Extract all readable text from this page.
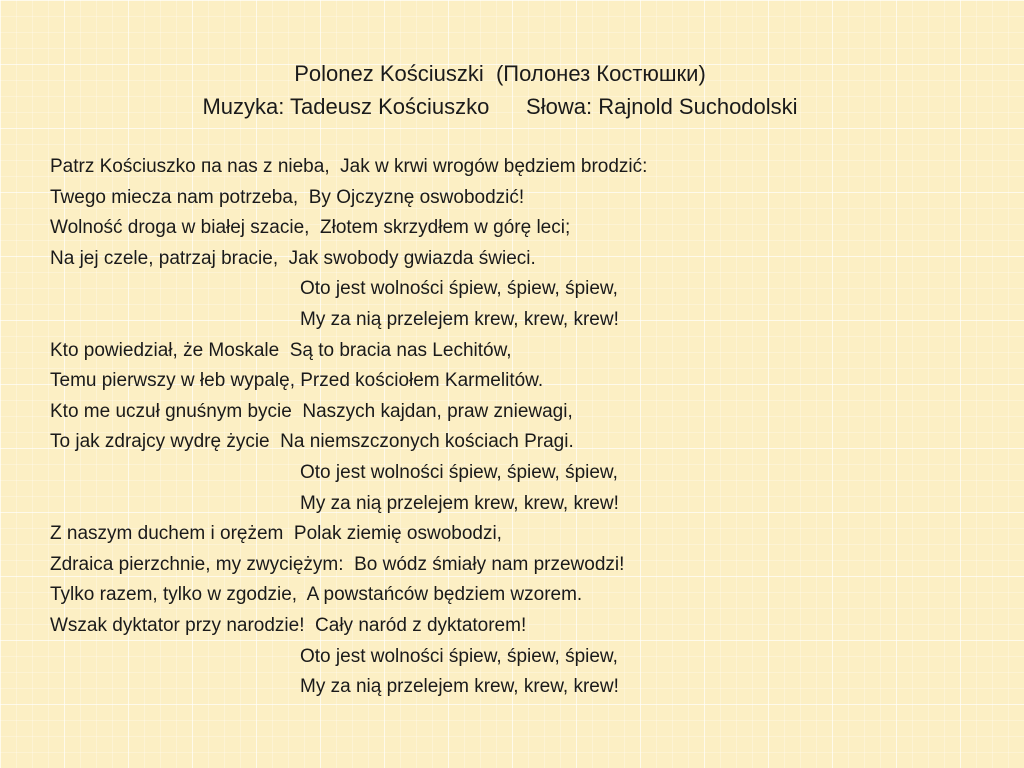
Polonez Kościuszki  (Полонез Костюшки)
Muzyka: Tadeusz Kościuszko      Słowa: Rajnold Suchodolski
Patrz Kościuszko па nas z nieba,  Jak w krwi wrogów będziem brodzić:
Twego miecza nam potrzeba,  By Ojczyznę oswobodzić!
Wolność droga w białej szacie,  Złotem skrzydłem w górę leci;
Na jej czele, patrzaj bracie,  Jak swobody gwiazda świeci.
Oto jest wolności śpiew, śpiew, śpiew,
My za nią przelejem krew, krew, krew!
Kto powiedział, że Moskale  Są to bracia nas Lechitów,
Temu pierwszy w łeb wypalę, Przed kościołem Karmelitów.
Kto me uczuł gnuśnym bycie  Naszych kajdan, praw zniewagi,
To jak zdrajcy wydrę życie  Na niemszczonych kościach Pragi.
Oto jest wolności śpiew, śpiew, śpiew,
My za nią przelejem krew, krew, krew!
Z naszym duchem i orężem  Polak ziemię oswobodzi,
Zdraica pierzchnie, my zwyciężym:  Bo wódz śmiały nam przewodzi!
Tylko razem, tylko w zgodzie,  A powstańców będziem wzorem.
Wszak dyktator przy narodzie!  Cały naród z dyktatorem!
Oto jest wolności śpiew, śpiew, śpiew,
My za nią przelejem krew, krew, krew!
